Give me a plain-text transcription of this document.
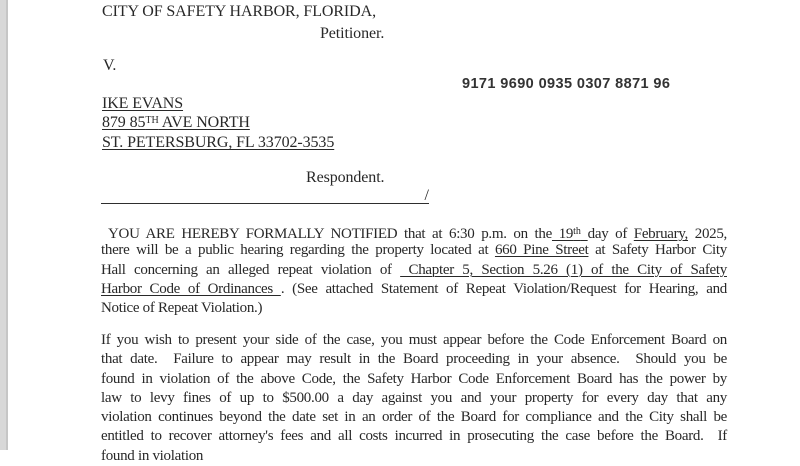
CITY OF SAFETY HARBOR, FLORIDA,
Petitioner.
V.
9171 9690 0935 0307 8871 96
IKE EVANS
879 85TH AVE NORTH
ST. PETERSBURG, FL 33702-3535
Respondent.
/
YOU ARE HEREBY FORMALLY NOTIFIED that at 6:30 p.m. on the 19th day of February, 2025,
there will be a public hearing regarding the property located at 660 Pine Street at Safety Harbor City
Hall concerning an alleged repeat violation of  Chapter 5, Section 5.26 (1) of the City of Safety
Harbor Code of Ordinances . (See attached Statement of Repeat Violation/Request for Hearing, and
Notice of Repeat Violation.)
If you wish to present your side of the case, you must appear before the Code Enforcement Board on
that date.  Failure to appear may result in the Board proceeding in your absence.  Should you be
found in violation of the above Code, the Safety Harbor Code Enforcement Board has the power by
law to levy fines of up to $500.00 a day against you and your property for every day that any
violation continues beyond the date set in an order of the Board for compliance and the City shall be
entitled to recover attorney's fees and all costs incurred in prosecuting the case before the Board.  If
found in violation
